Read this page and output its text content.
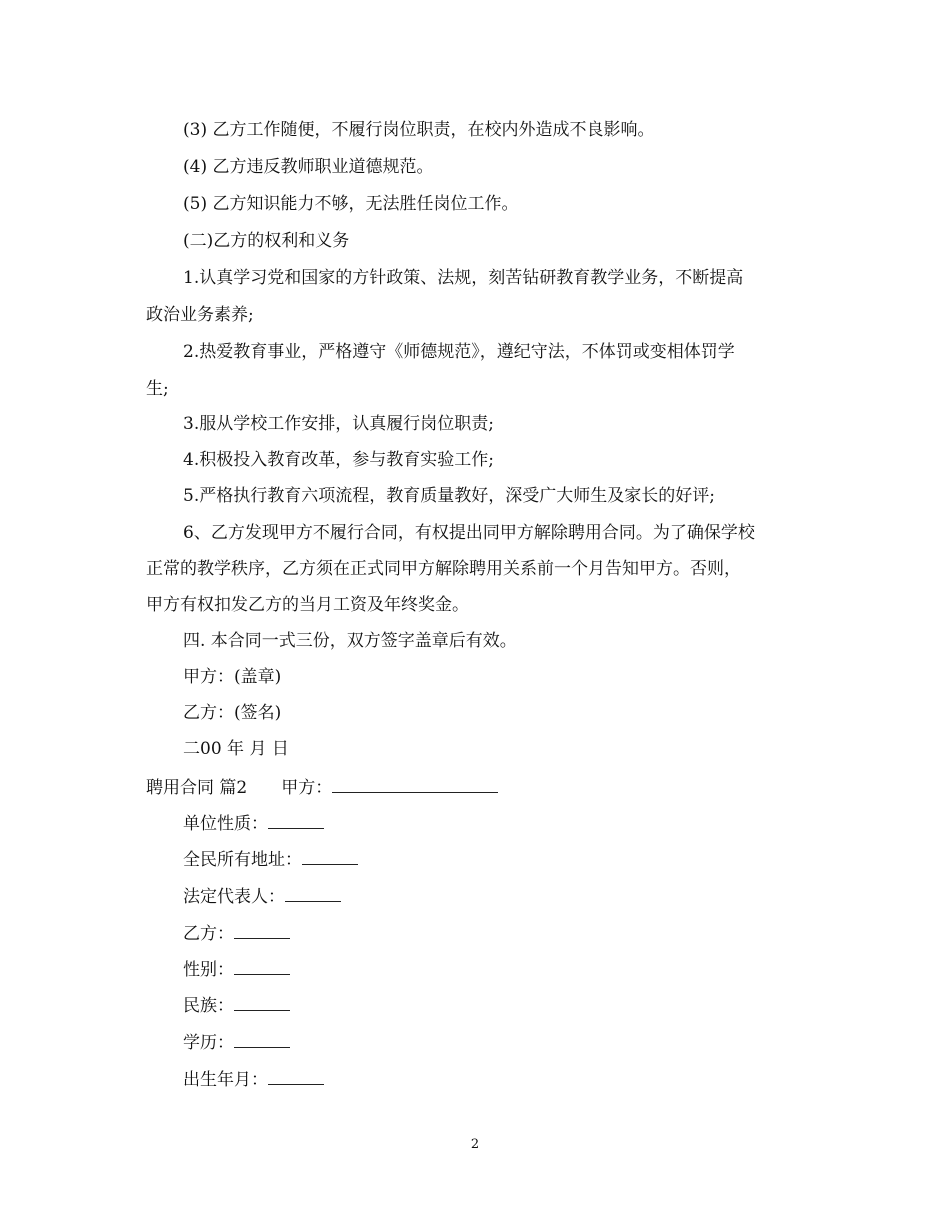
(3) 乙方工作随便，不履行岗位职责，在校内外造成不良影响。
(4) 乙方违反教师职业道德规范。
(5) 乙方知识能力不够，无法胜任岗位工作。
(二)乙方的权利和义务
1.认真学习党和国家的方针政策、法规，刻苦钻研教育教学业务，不断提高
政治业务素养;
2.热爱教育事业，严格遵守《师德规范》，遵纪守法，不体罚或变相体罚学
生;
3.服从学校工作安排，认真履行岗位职责;
4.积极投入教育改革，参与教育实验工作;
5.严格执行教育六项流程，教育质量教好，深受广大师生及家长的好评;
6、乙方发现甲方不履行合同，有权提出同甲方解除聘用合同。为了确保学校
正常的教学秩序，乙方须在正式同甲方解除聘用关系前一个月告知甲方。否则，
甲方有权扣发乙方的当月工资及年终奖金。
四. 本合同一式三份，双方签字盖章后有效。
甲方：(盖章)
乙方：(签名)
二00 年 月 日
聘用合同 篇2 甲方：
单位性质：
全民所有地址：
法定代表人：
乙方：
性别：
民族：
学历：
出生年月：
2
